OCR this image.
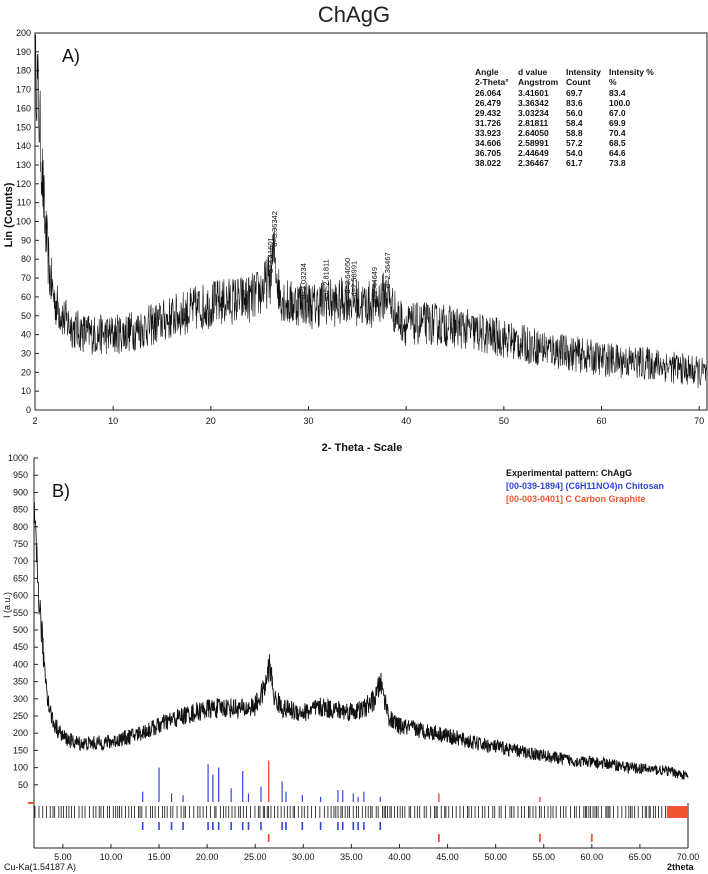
ChAgG
A)
Lin (Counts)
2- Theta - Scale
0
10
20
30
40
50
60
70
80
90
100
110
120
130
140
150
160
170
180
190
200
2	10	20	30	40	50	60	70
d=3.41601
d=3.36342
d=3.03234 d=2.81811 d=2.64050
d=2.58991 d=2.44649 d=2.36467
Angle d value Intensity Intensity %
2-Theta° Angstrom Count %
26.064 3.41601 69.7	83.4
26.479 3.36342 83.6	100.0
29.432 3.03234 56.0	67.0
31.726 2.81811 58.4	69.9
33.923 2.64050 58.8	70.4
34.606 2.58991 57.2	68.5
36.705 2.44649 54.0	64.6
38.022 2.36467 61.7	73.8
B)
I (a.u.)
2theta
Cu-Ka(1.54187 A)
50
100
150
200
250
300
350
400
450
500
550
600
650
700
750
800
850
900
950
1000
5.00	10.00	15.00	20.00	25.00	30.00	35.00	40.00	45.00	50.00	55.00	60.00	65.00	70.00
Experimental pattern: ChAgG
[00-039-1894] (C6H11NO4)n Chitosan
[00-003-0401] C Carbon Graphite
